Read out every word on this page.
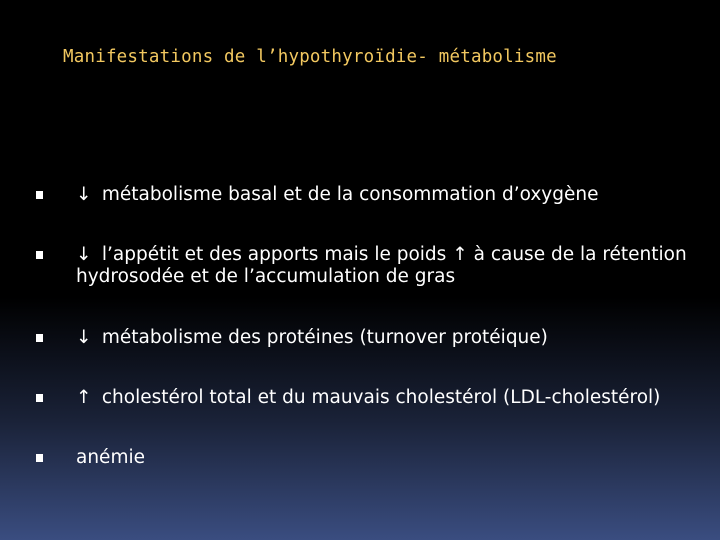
Manifestations de l’hypothyroïdie- métabolisme
↓ métabolisme basal et de la consommation d’oxygène
↓ l’appétit et des apports mais le poids ↑ à cause de la rétention hydrosodée et de l’accumulation de gras
↓ métabolisme des protéines (turnover protéique)
↑ cholestérol total et du mauvais cholestérol (LDL-cholestérol)
anémie
